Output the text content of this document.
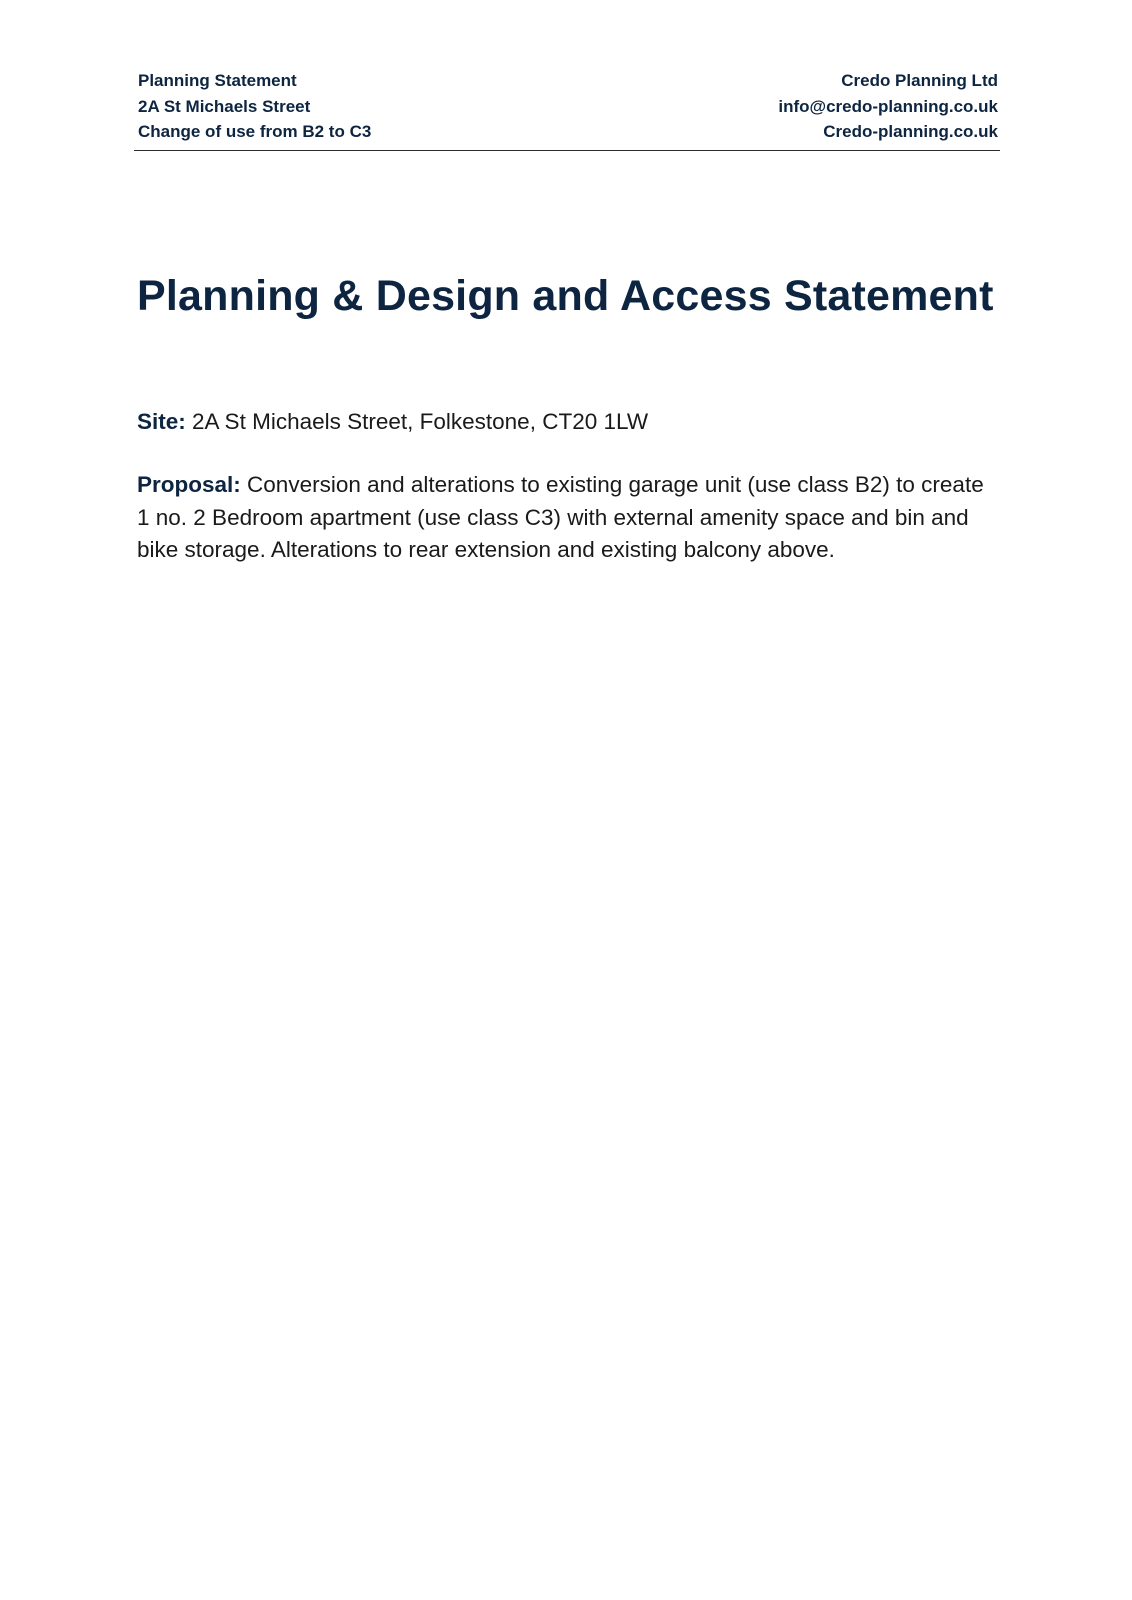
Planning Statement
2A St Michaels Street
Change of use from B2 to C3
Credo Planning Ltd
info@credo-planning.co.uk
Credo-planning.co.uk
Planning & Design and Access Statement

Site: 2A St Michaels Street, Folkestone, CT20 1LW

Proposal: Conversion and alterations to existing garage unit (use class B2) to create 1 no. 2 Bedroom apartment (use class C3) with external amenity space and bin and bike storage. Alterations to rear extension and existing balcony above.
